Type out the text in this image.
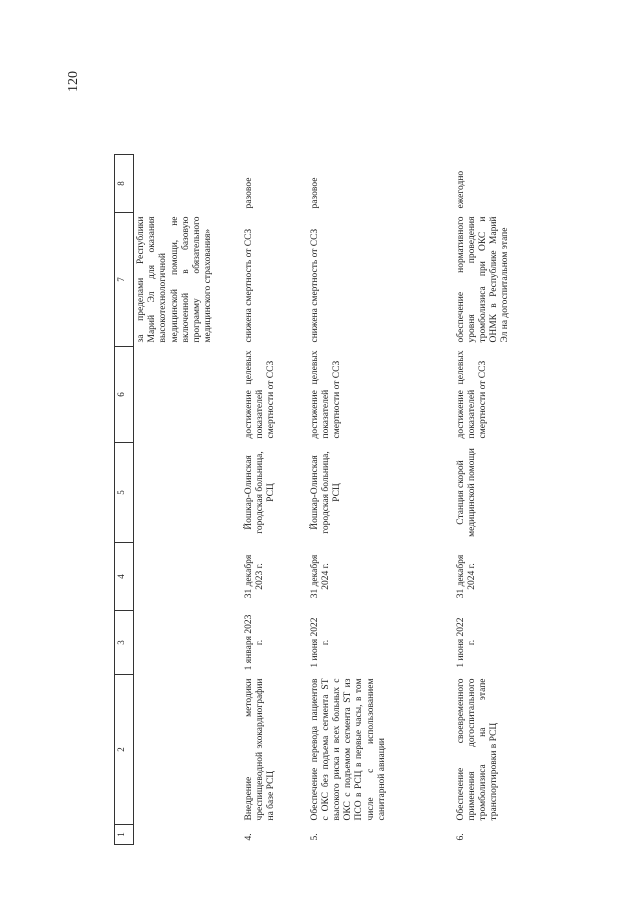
120
1	2	3	4	5	6	7	8
						за пределами Республики Марий Эл для оказания высокотехнологичной медицинской помощи, не включенной в базовую программу обязательного медицинского страхования»	
4.	Внедрение методики чреспищеводной эхокардиографии на базе РСЦ	1 января 2023 г.	31 декабря 2023 г.	Йошкар-Олинская городская больница, РСЦ	достижение целевых показателей смертности от ССЗ	снижена смертность от ССЗ	разовое
5.	Обеспечение перевода пациентов с ОКС без подъема сегмента ST высокого риска и всех больных с ОКС с подъемом сегмента ST из ПСО в РСЦ в первые часы, в том числе с использованием санитарной авиации	1 июня 2022 г.	31 декабря 2024 г.	Йошкар-Олинская городская больница, РСЦ	достижение целевых показателей смертности от ССЗ	снижена смертность от ССЗ	разовое
6.	Обеспечение своевременного применения догоспитального тромболизиса на этапе транспортировки в РСЦ	1 июня 2022 г.	31 декабря 2024 г.	Станция скорой медицинской помощи	достижение целевых показателей смертности от ССЗ	обеспечение нормативного уровня проведения тромболизиса при ОКС и ОНМК в Республике Марий Эл на догоспитальном этапе	ежегодно
